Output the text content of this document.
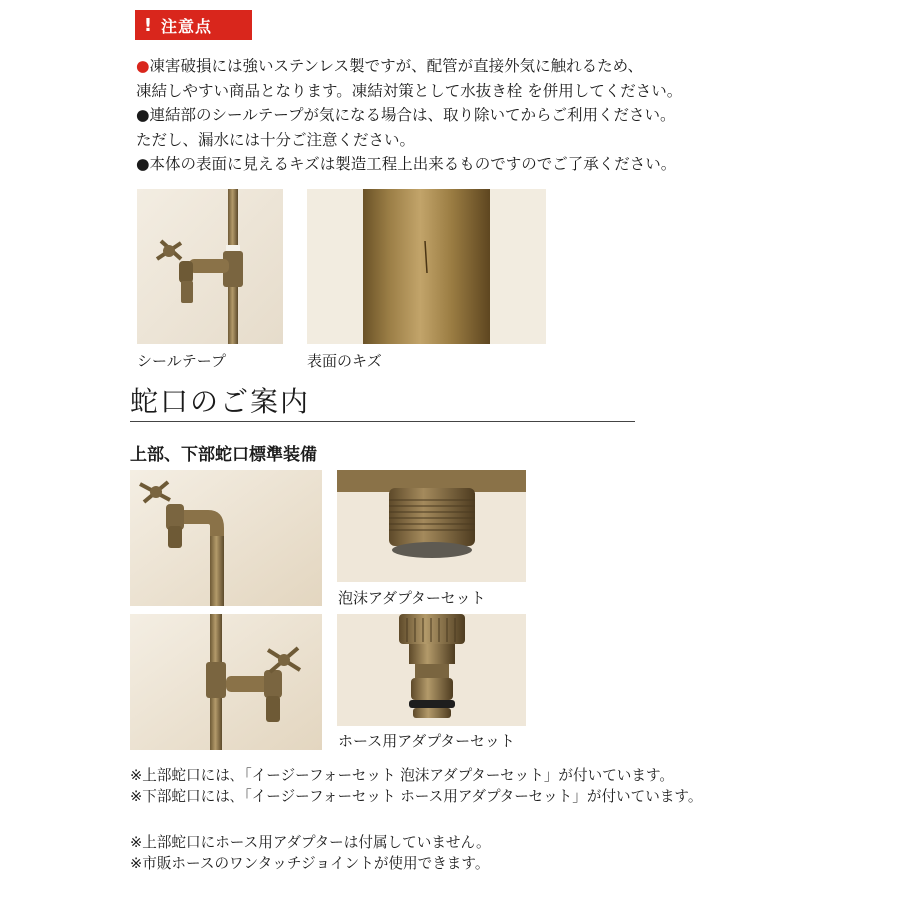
! 注意点

●凍害破損には強いステンレス製ですが、配管が直接外気に触れるため、

凍結しやすい商品となります。凍結対策として水抜き栓 を併用してください。

●連結部のシールテープが気になる場合は、取り除いてからご利用ください。

ただし、漏水には十分ご注意ください。

●本体の表面に見えるキズは製造工程上出来るものですのでご了承ください。

シールテープ	表面のキズ
蛇口のご案内
上部、下部蛇口標準装備
泡沫アダプターセット
ホース用アダプターセット
※上部蛇口には､「イージーフォーセット 泡沫アダプターセット」が付いています。
※下部蛇口には､「イージーフォーセット ホース用アダプターセット」が付いています。
※上部蛇口にホース用アダプターは付属していません。
※市販ホースのワンタッチジョイントが使用できます。
